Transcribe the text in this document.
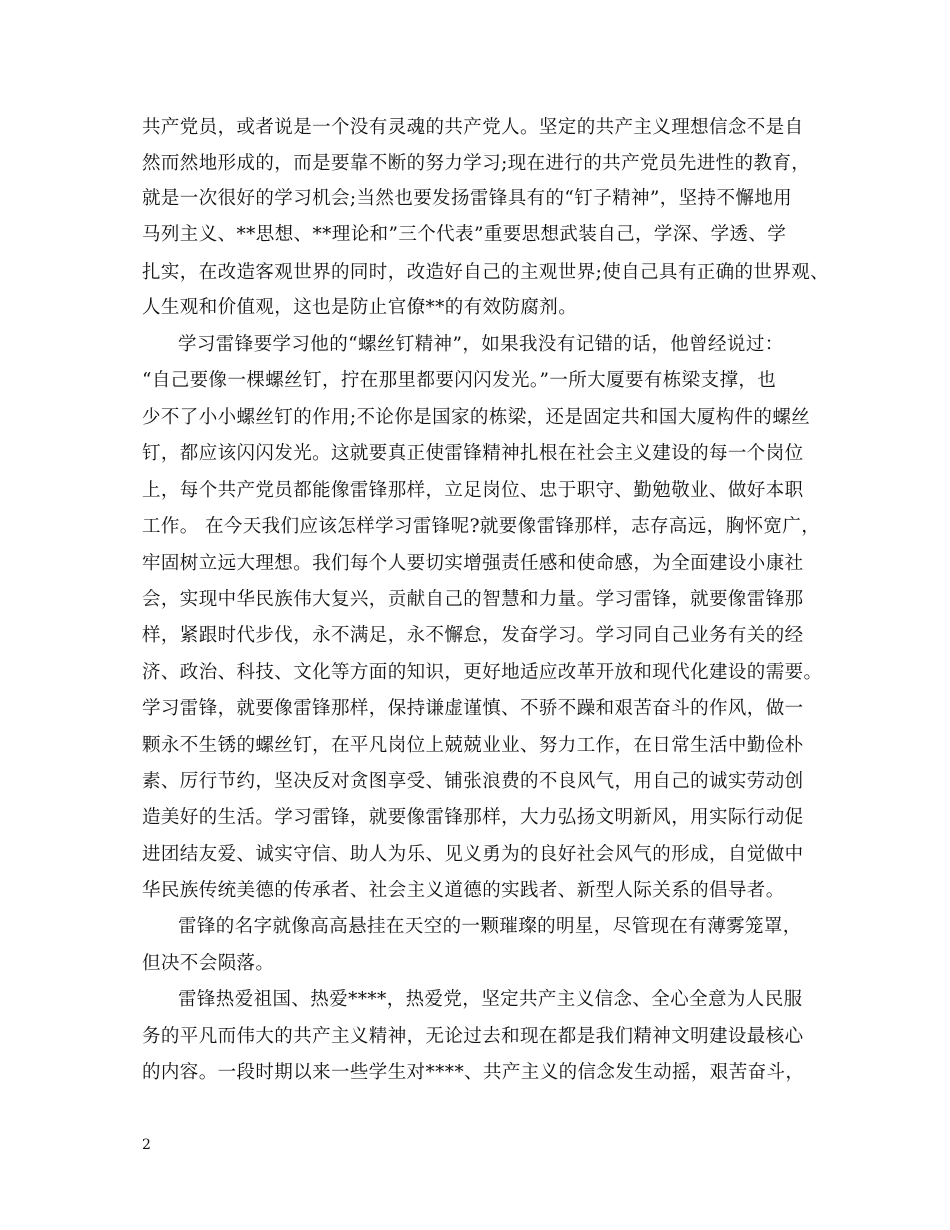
共产党员，或者说是一个没有灵魂的共产党人。坚定的共产主义理想信念不是自
然而然地形成的，而是要靠不断的努力学习;现在进行的共产党员先进性的教育，
就是一次很好的学习机会;当然也要发扬雷锋具有的“钉子精神”，坚持不懈地用
马列主义、**思想、**理论和”三个代表”重要思想武装自己，学深、学透、学
扎实，在改造客观世界的同时，改造好自己的主观世界;使自己具有正确的世界观、
人生观和价值观，这也是防止官僚**的有效防腐剂。
学习雷锋要学习他的“螺丝钉精神”，如果我没有记错的话，他曾经说过：
“自己要像一棵螺丝钉，拧在那里都要闪闪发光。”一所大厦要有栋梁支撑，也
少不了小小螺丝钉的作用;不论你是国家的栋梁，还是固定共和国大厦构件的螺丝
钉，都应该闪闪发光。这就要真正使雷锋精神扎根在社会主义建设的每一个岗位
上，每个共产党员都能像雷锋那样，立足岗位、忠于职守、勤勉敬业、做好本职
工作。 在今天我们应该怎样学习雷锋呢?就要像雷锋那样，志存高远，胸怀宽广，
牢固树立远大理想。我们每个人要切实增强责任感和使命感，为全面建设小康社
会，实现中华民族伟大复兴，贡献自己的智慧和力量。学习雷锋，就要像雷锋那
样，紧跟时代步伐，永不满足，永不懈怠，发奋学习。学习同自己业务有关的经
济、政治、科技、文化等方面的知识，更好地适应改革开放和现代化建设的需要。
学习雷锋，就要像雷锋那样，保持谦虚谨慎、不骄不躁和艰苦奋斗的作风，做一
颗永不生锈的螺丝钉，在平凡岗位上兢兢业业、努力工作，在日常生活中勤俭朴
素、厉行节约，坚决反对贪图享受、铺张浪费的不良风气，用自己的诚实劳动创
造美好的生活。学习雷锋，就要像雷锋那样，大力弘扬文明新风，用实际行动促
进团结友爱、诚实守信、助人为乐、见义勇为的良好社会风气的形成，自觉做中
华民族传统美德的传承者、社会主义道德的实践者、新型人际关系的倡导者。
雷锋的名字就像高高悬挂在天空的一颗璀璨的明星，尽管现在有薄雾笼罩，
但决不会陨落。
雷锋热爱祖国、热爱****，热爱党，坚定共产主义信念、全心全意为人民服
务的平凡而伟大的共产主义精神，无论过去和现在都是我们精神文明建设最核心
的内容。一段时期以来一些学生对****、共产主义的信念发生动摇，艰苦奋斗，
2
